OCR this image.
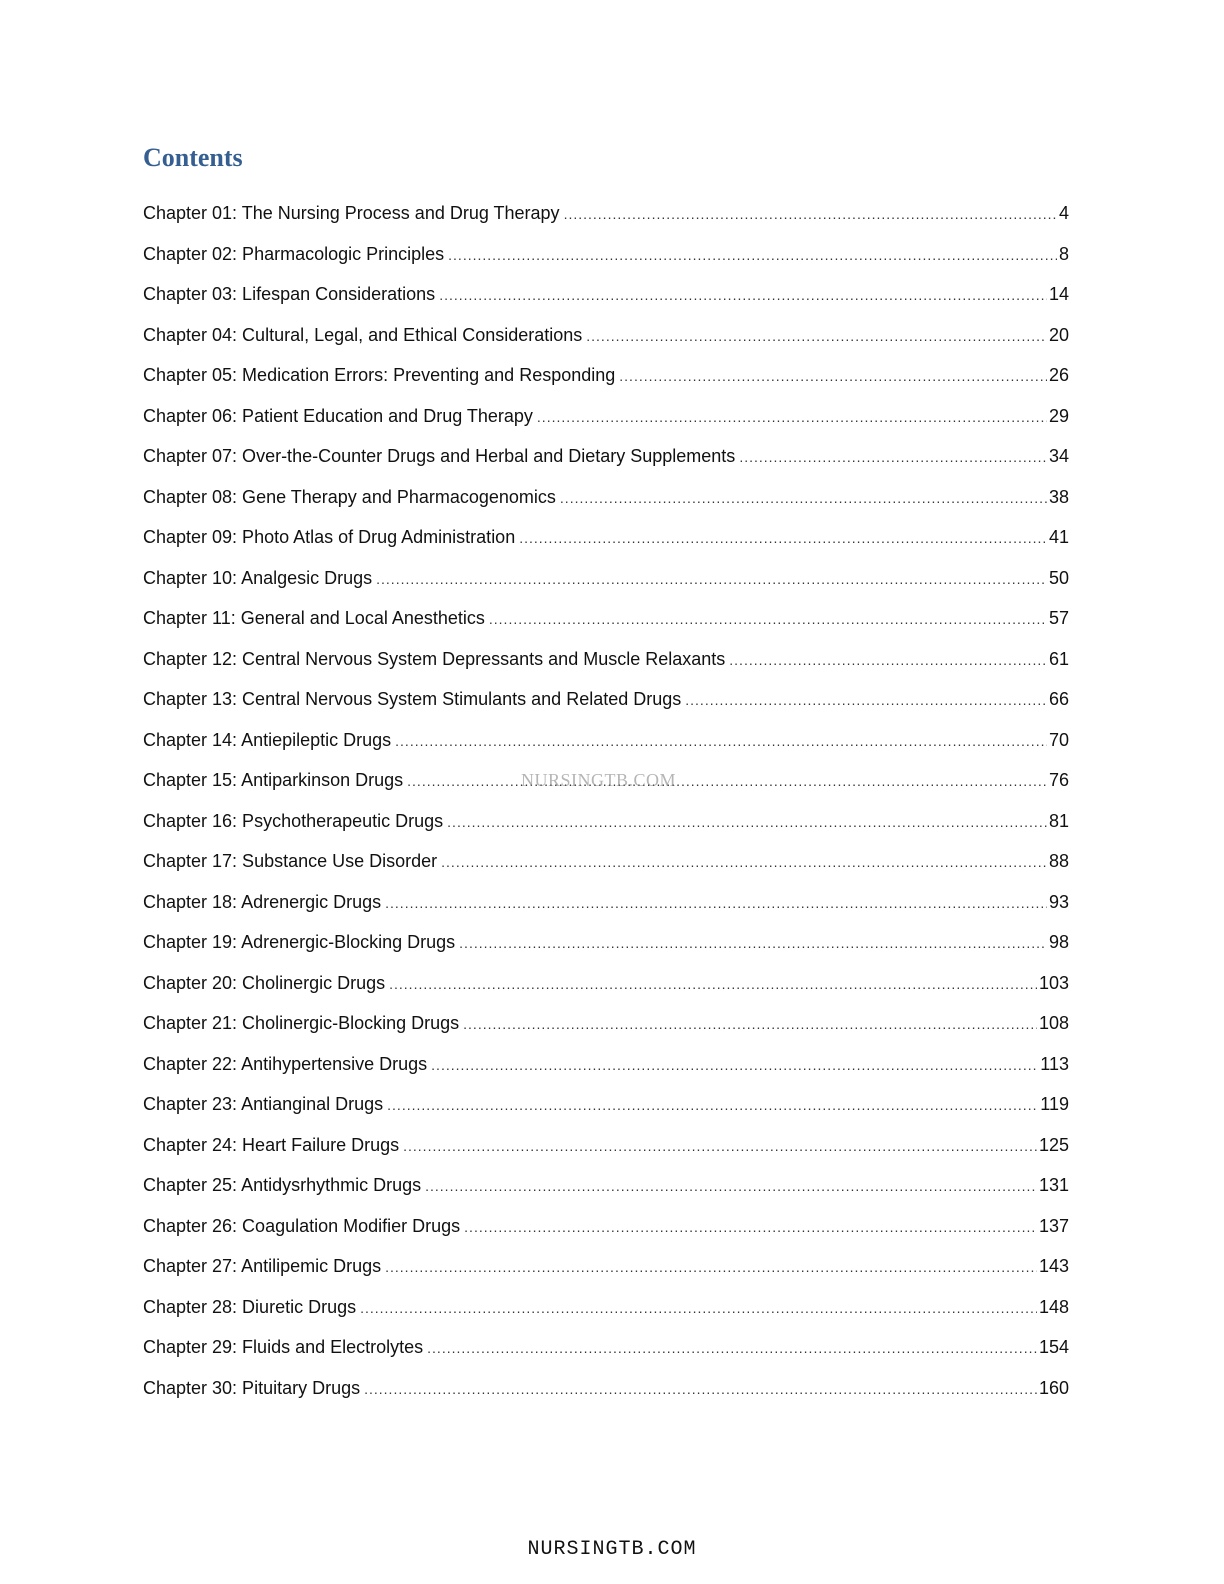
Contents
Chapter 01: The Nursing Process and Drug Therapy .....	4
Chapter 02: Pharmacologic Principles .....	8
Chapter 03: Lifespan Considerations .....	14
Chapter 04: Cultural, Legal, and Ethical Considerations .....	20
Chapter 05: Medication Errors: Preventing and Responding .....	26
Chapter 06: Patient Education and Drug Therapy .....	29
Chapter 07: Over-the-Counter Drugs and Herbal and Dietary Supplements .....	34
Chapter 08: Gene Therapy and Pharmacogenomics .....	38
Chapter 09: Photo Atlas of Drug Administration .....	41
Chapter 10: Analgesic Drugs .....	50
Chapter 11: General and Local Anesthetics .....	57
Chapter 12: Central Nervous System Depressants and Muscle Relaxants .....	61
Chapter 13: Central Nervous System Stimulants and Related Drugs .....	66
Chapter 14: Antiepileptic Drugs .....	70
Chapter 15: Antiparkinson Drugs .....	76
Chapter 16: Psychotherapeutic Drugs .....	81
Chapter 17: Substance Use Disorder .....	88
Chapter 18: Adrenergic Drugs .....	93
Chapter 19: Adrenergic-Blocking Drugs .....	98
Chapter 20: Cholinergic Drugs .....	103
Chapter 21: Cholinergic-Blocking Drugs .....	108
Chapter 22: Antihypertensive Drugs .....	113
Chapter 23: Antianginal Drugs .....	119
Chapter 24: Heart Failure Drugs .....	125
Chapter 25: Antidysrhythmic Drugs .....	131
Chapter 26: Coagulation Modifier Drugs .....	137
Chapter 27: Antilipemic Drugs .....	143
Chapter 28: Diuretic Drugs .....	148
Chapter 29: Fluids and Electrolytes .....	154
Chapter 30: Pituitary Drugs .....	160
NURSINGTB.COM
NURSINGTB.COM
